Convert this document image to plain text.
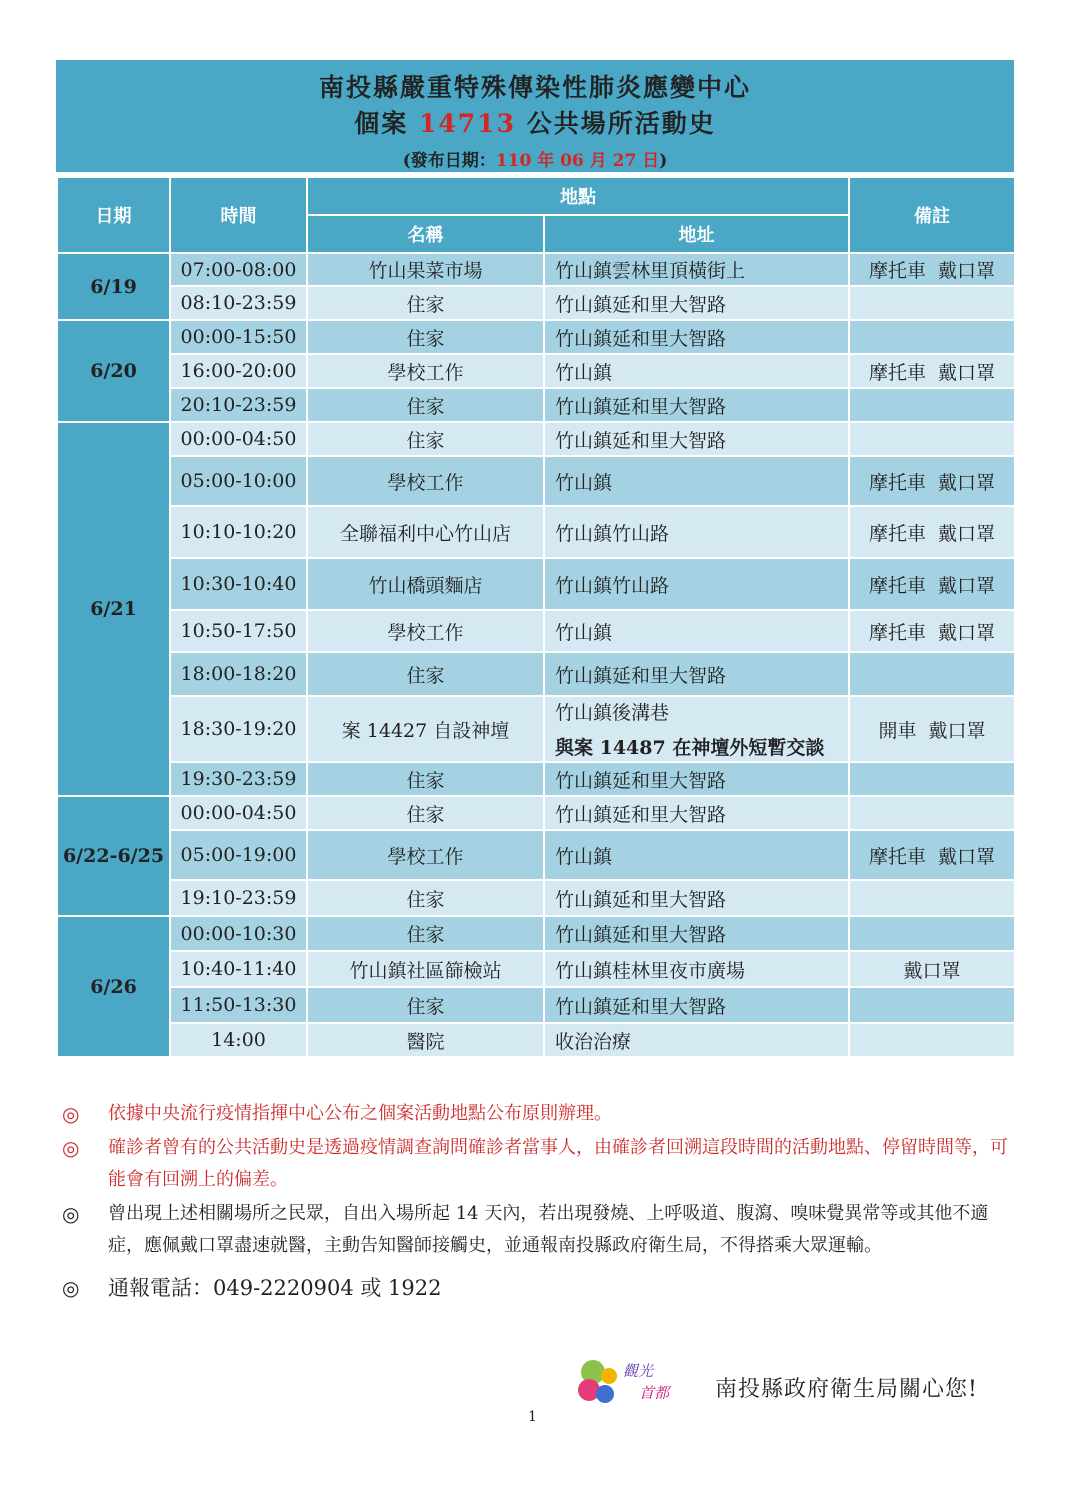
南投縣嚴重特殊傳染性肺炎應變中心
個案 14713 公共場所活動史
(發布日期：110 年 06 月 27 日)
日期	時間	地點		備註
		名稱	地址	
6/19	07:00-08:00	竹山果菜市場	竹山鎮雲林里頂橫街上	摩托車  戴口罩
	08:10-23:59	住家	竹山鎮延和里大智路	
6/20	00:00-15:50	住家	竹山鎮延和里大智路	
	16:00-20:00	學校工作	竹山鎮	摩托車  戴口罩
	20:10-23:59	住家	竹山鎮延和里大智路	
6/21	00:00-04:50	住家	竹山鎮延和里大智路	
	05:00-10:00	學校工作	竹山鎮	摩托車  戴口罩
	10:10-10:20	全聯福利中心竹山店	竹山鎮竹山路	摩托車  戴口罩
	10:30-10:40	竹山橋頭麵店	竹山鎮竹山路	摩托車  戴口罩
	10:50-17:50	學校工作	竹山鎮	摩托車  戴口罩
	18:00-18:20	住家	竹山鎮延和里大智路	
	18:30-19:20	案 14427 自設神壇	竹山鎮後溝巷
與案 14487 在神壇外短暫交談	開車  戴口罩
	19:30-23:59	住家	竹山鎮延和里大智路	
6/22-6/25	00:00-04:50	住家	竹山鎮延和里大智路	
	05:00-19:00	學校工作	竹山鎮	摩托車  戴口罩
	19:10-23:59	住家	竹山鎮延和里大智路	
6/26	00:00-10:30	住家	竹山鎮延和里大智路	
	10:40-11:40	竹山鎮社區篩檢站	竹山鎮桂林里夜市廣場	戴口罩
	11:50-13:30	住家	竹山鎮延和里大智路	
	14:00	醫院	收治治療	
◎ 依據中央流行疫情指揮中心公布之個案活動地點公布原則辦理。
◎ 確診者曾有的公共活動史是透過疫情調查詢問確診者當事人，由確診者回溯這段時間的活動地點、停留時間等，可能會有回溯上的偏差。
◎ 曾出現上述相關場所之民眾，自出入場所起 14 天內，若出現發燒、上呼吸道、腹瀉、嗅味覺異常等或其他不適症，應佩戴口罩盡速就醫，主動告知醫師接觸史，並通報南投縣政府衛生局，不得搭乘大眾運輸。
◎ 通報電話：049-2220904 或 1922
觀光
首都 南投縣政府衛生局關心您!
1
